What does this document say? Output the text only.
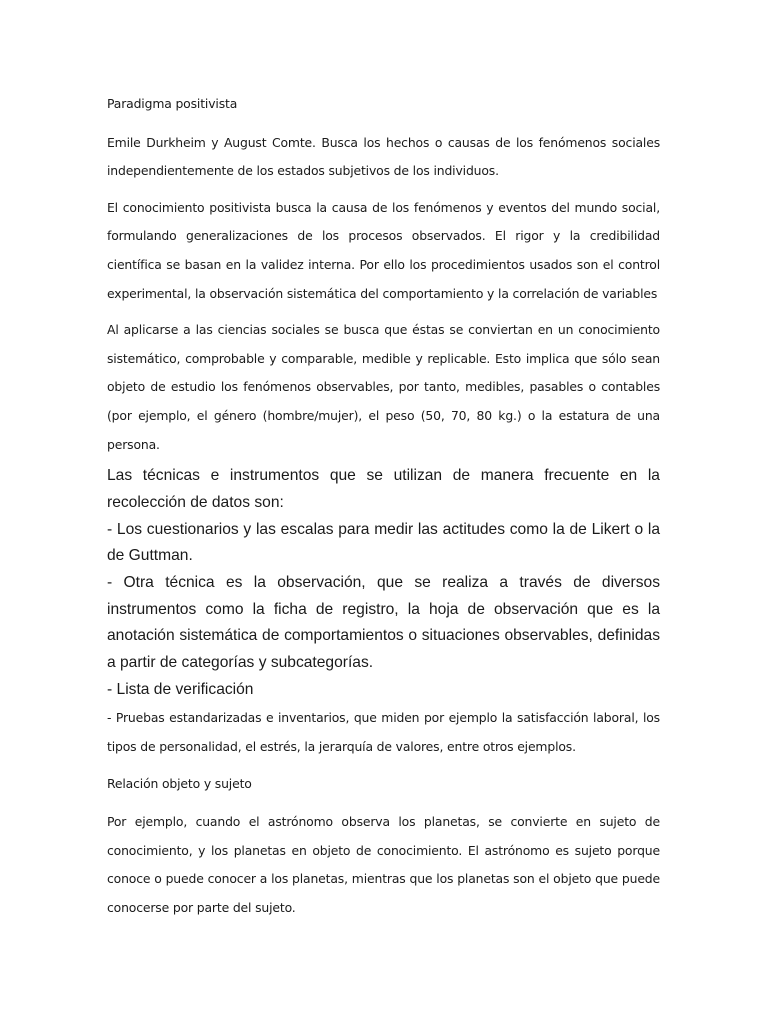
Paradigma positivista

Emile Durkheim y August Comte. Busca los hechos o causas de los fenómenos sociales independientemente de los estados subjetivos de los individuos.

El conocimiento positivista busca la causa de los fenómenos y eventos del mundo social, formulando generalizaciones de los procesos observados. El rigor y la credibilidad científica se basan en la validez interna. Por ello los procedimientos usados son el control experimental, la observación sistemática del comportamiento y la correlación de variables

Al aplicarse a las ciencias sociales se busca que éstas se conviertan en un conocimiento sistemático, comprobable y comparable, medible y replicable. Esto implica que sólo sean objeto de estudio los fenómenos observables, por tanto, medibles, pasables o contables (por ejemplo, el género (hombre/mujer), el peso (50, 70, 80 kg.) o la estatura de una persona.

Las técnicas e instrumentos que se utilizan de manera frecuente en la recolección de datos son:

- Los cuestionarios y las escalas para medir las actitudes como la de Likert o la de Guttman.

- Otra técnica es la observación, que se realiza a través de diversos instrumentos como la ficha de registro, la hoja de observación que es la anotación sistemática de comportamientos o situaciones observables, definidas a partir de categorías y subcategorías.

- Lista de verificación

- Pruebas estandarizadas e inventarios, que miden por ejemplo la satisfacción laboral, los tipos de personalidad, el estrés, la jerarquía de valores, entre otros ejemplos.

Relación objeto y sujeto

Por ejemplo, cuando el astrónomo observa los planetas, se convierte en sujeto de conocimiento, y los planetas en objeto de conocimiento. El astrónomo es sujeto porque conoce o puede conocer a los planetas, mientras que los planetas son el objeto que puede conocerse por parte del sujeto.
